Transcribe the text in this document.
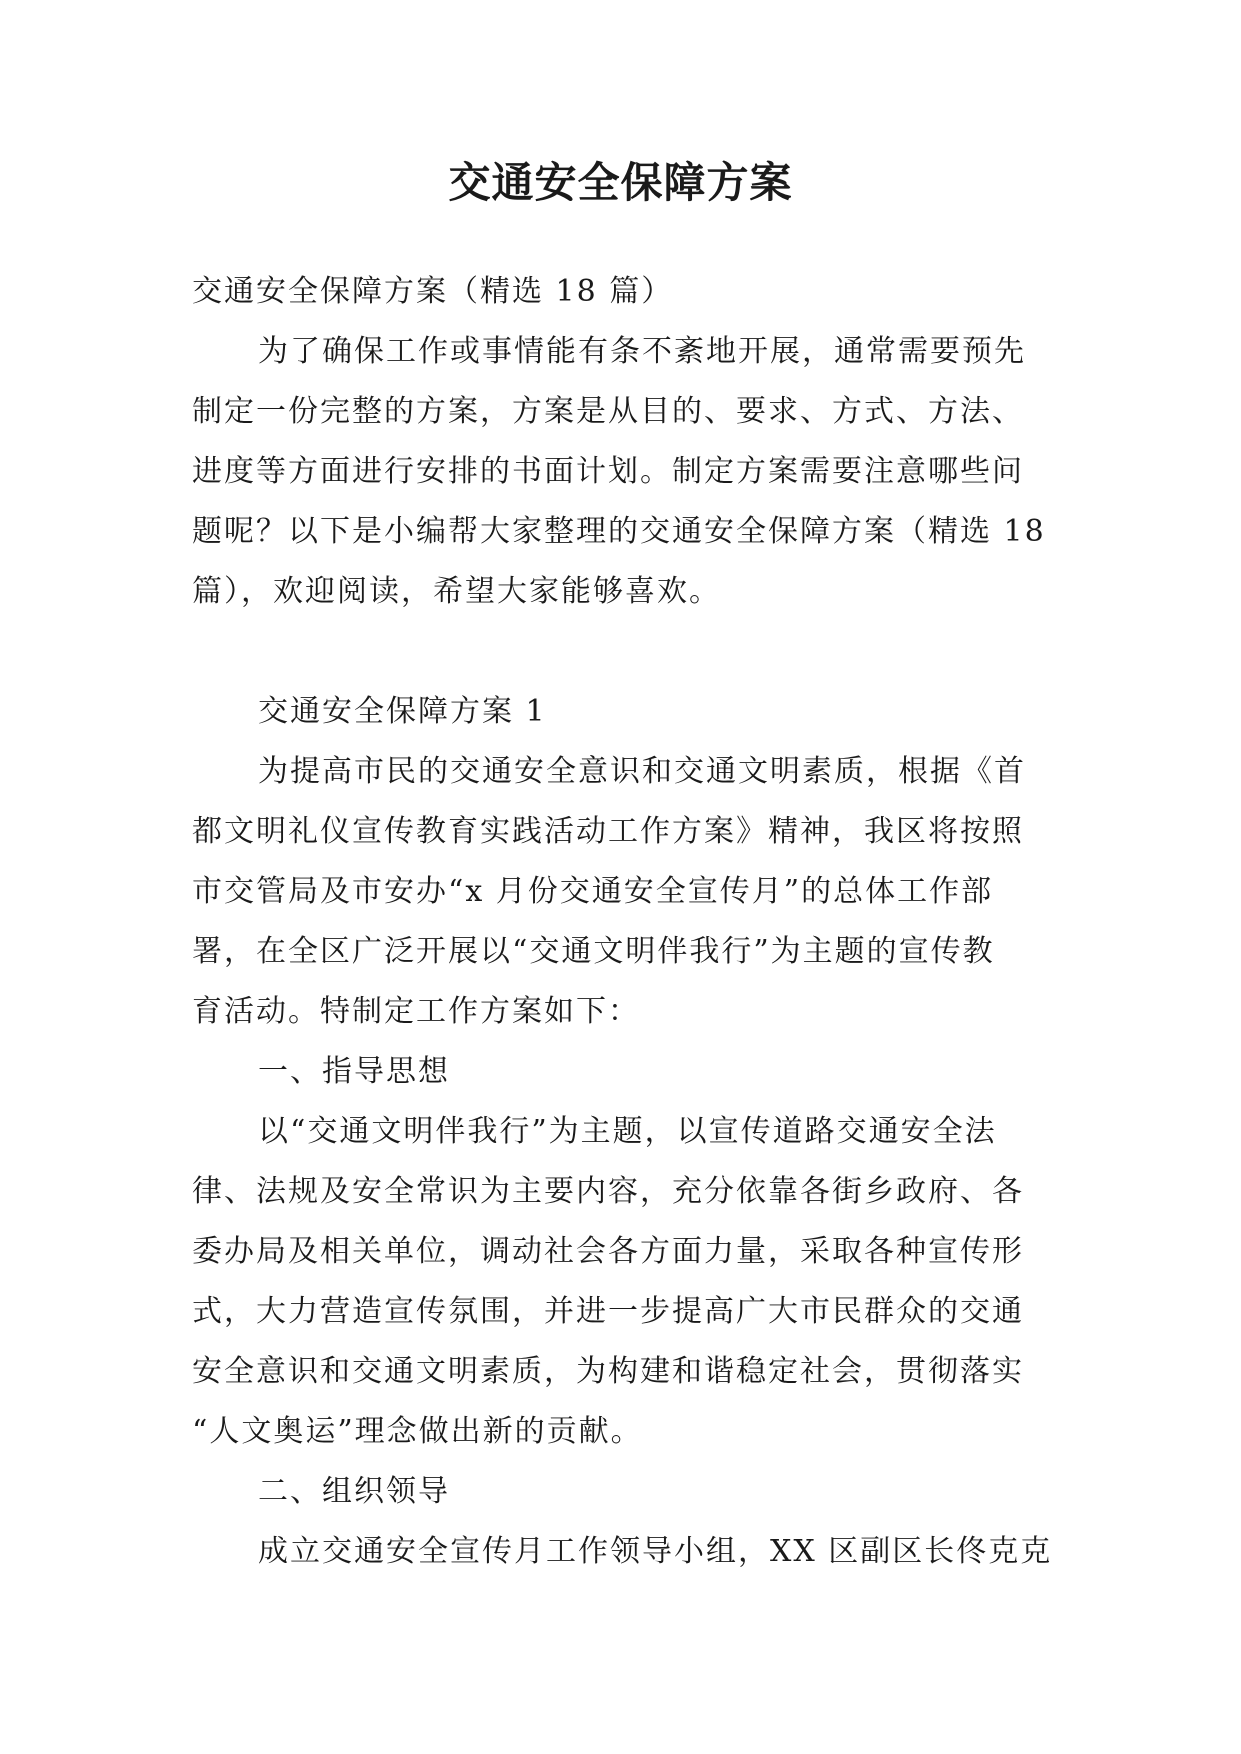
交通安全保障方案
交通安全保障方案（精选 18 篇）
为了确保工作或事情能有条不紊地开展，通常需要预先
制定一份完整的方案，方案是从目的、要求、方式、方法、
进度等方面进行安排的书面计划。制定方案需要注意哪些问
题呢？以下是小编帮大家整理的交通安全保障方案（精选 18
篇），欢迎阅读，希望大家能够喜欢。
交通安全保障方案 1
为提高市民的交通安全意识和交通文明素质，根据《首
都文明礼仪宣传教育实践活动工作方案》精神，我区将按照
市交管局及市安办“x 月份交通安全宣传月”的总体工作部
署，在全区广泛开展以“交通文明伴我行”为主题的宣传教
育活动。特制定工作方案如下：
一、指导思想
以“交通文明伴我行”为主题，以宣传道路交通安全法
律、法规及安全常识为主要内容，充分依靠各街乡政府、各
委办局及相关单位，调动社会各方面力量，采取各种宣传形
式，大力营造宣传氛围，并进一步提高广大市民群众的交通
安全意识和交通文明素质，为构建和谐稳定社会，贯彻落实
“人文奥运”理念做出新的贡献。
二、组织领导
成立交通安全宣传月工作领导小组，XX 区副区长佟克克
